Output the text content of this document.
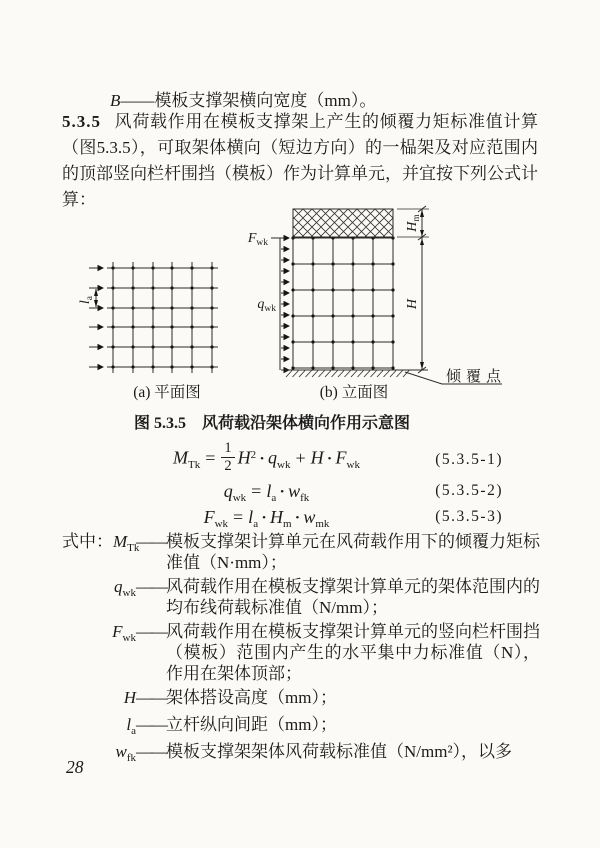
B——模板支撑架横向宽度（mm）。
5.3.5 风荷载作用在模板支撑架上产生的倾覆力矩标准值计算（图5.3.5），可取架体横向（短边方向）的一榀架及对应范围内的顶部竖向栏杆围挡（模板）作为计算单元，并宜按下列公式计算：
$l_a$
$F_{wk}$
$q_{wk}$
$H_m$
H
倾覆点
(a) 平面图	(b) 立面图
图 5.3.5　风荷载沿架体横向作用示意图
$M_{Tk} = \frac{1}{2} H^2$ • $q_{wk} + H$ • $F_{wk}$	(5.3.5-1)
$q_{wk} = l_a$ • $w_{fk}$	(5.3.5-2)
$F_{wk} = l_a$ • $H_m$ • $w_{mk}$	(5.3.5-3)
式中： $M_{Tk}$
—— 模板支撑架计算单元在风荷载作用下的倾覆力矩标准值（N·mm）；
$q_{wk}$ —— 风荷载作用在模板支撑架计算单元的架体范围内的均布线荷载标准值（N/mm）；
$F_{wk}$ —— 风荷载作用在模板支撑架计算单元的竖向栏杆围挡（模板）范围内产生的水平集中力标准值（N），作用在架体顶部；
H —— 架体搭设高度（mm）；
$l_a$ —— 立杆纵向间距（mm）；
$w_{fk}$ —— 模板支撑架架体风荷载标准值（N/mm²），以多
28
